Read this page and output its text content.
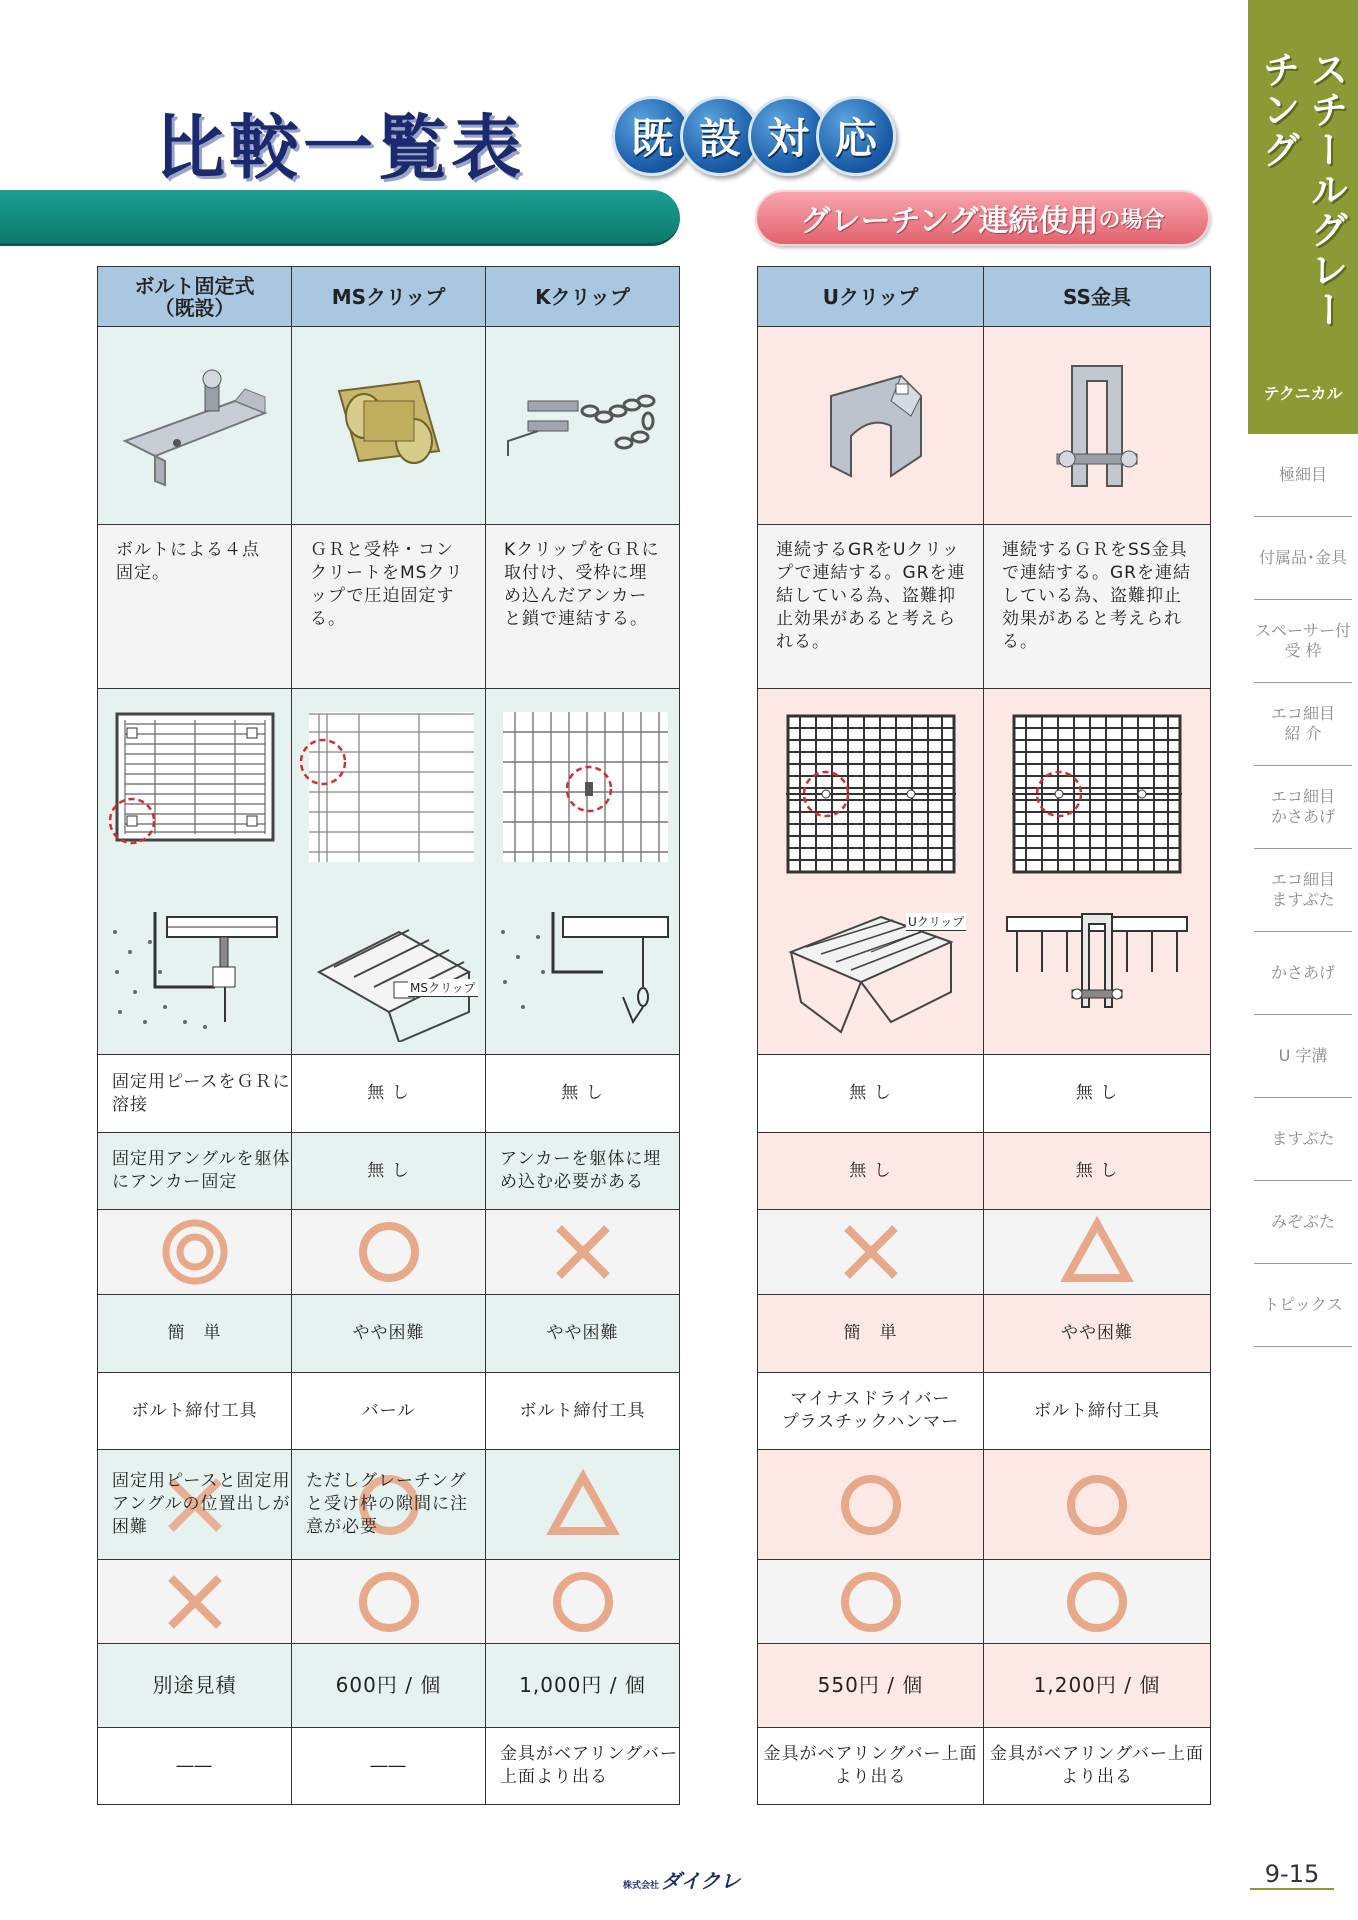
比較一覧表	既 設 対 応
グレーチング連続使用 の場合	スチールグレーチング
テクニカル
極細目
付属品･金具
スペーサー付
受 枠
エコ細目
紹 介
エコ細目
かさあげ
エコ細目
ますぶた
かさあげ
U 字溝
ますぶた
みぞぶた
トピックス
ボルト固定式
（既設）	MSクリップ	Kクリップ

ボルトによる４点固定。	ＧＲと受枠・コンクリートをMSクリップで圧迫固定する。	KクリップをＧＲに取付け、受枠に埋め込んだアンカーと鎖で連結する。

MSクリップ

固定用ピースをＧＲに溶接	無 し	無 し
固定用アングルを躯体にアンカー固定	無 し	アンカーを躯体に埋め込む必要がある

簡　単	やや困難	やや困難
ボルト締付工具	バール	ボルト締付工具

固定用ピースと固定用アングルの位置出しが困難	ただしグレーチングと受け枠の隙間に注意が必要

別途見積	600円 / 個	1,000円 / 個
――	――	金具がベアリングバー上面より出る
Uクリップ	SS金具

連続するGRをUクリップで連結する。GRを連結している為、盗難抑止効果があると考えられる。	連続するＧＲをSS金具で連結する。GRを連結している為、盗難抑止効果があると考えられる。

Uクリップ

無 し	無 し
無 し	無 し

簡　単	やや困難

マイナスドライバー
プラスチックハンマー	ボルト締付工具

550円 / 個	1,200円 / 個
金具がベアリングバー上面より出る	金具がベアリングバー上面より出る
株式会社 ダイクレ	9-15
